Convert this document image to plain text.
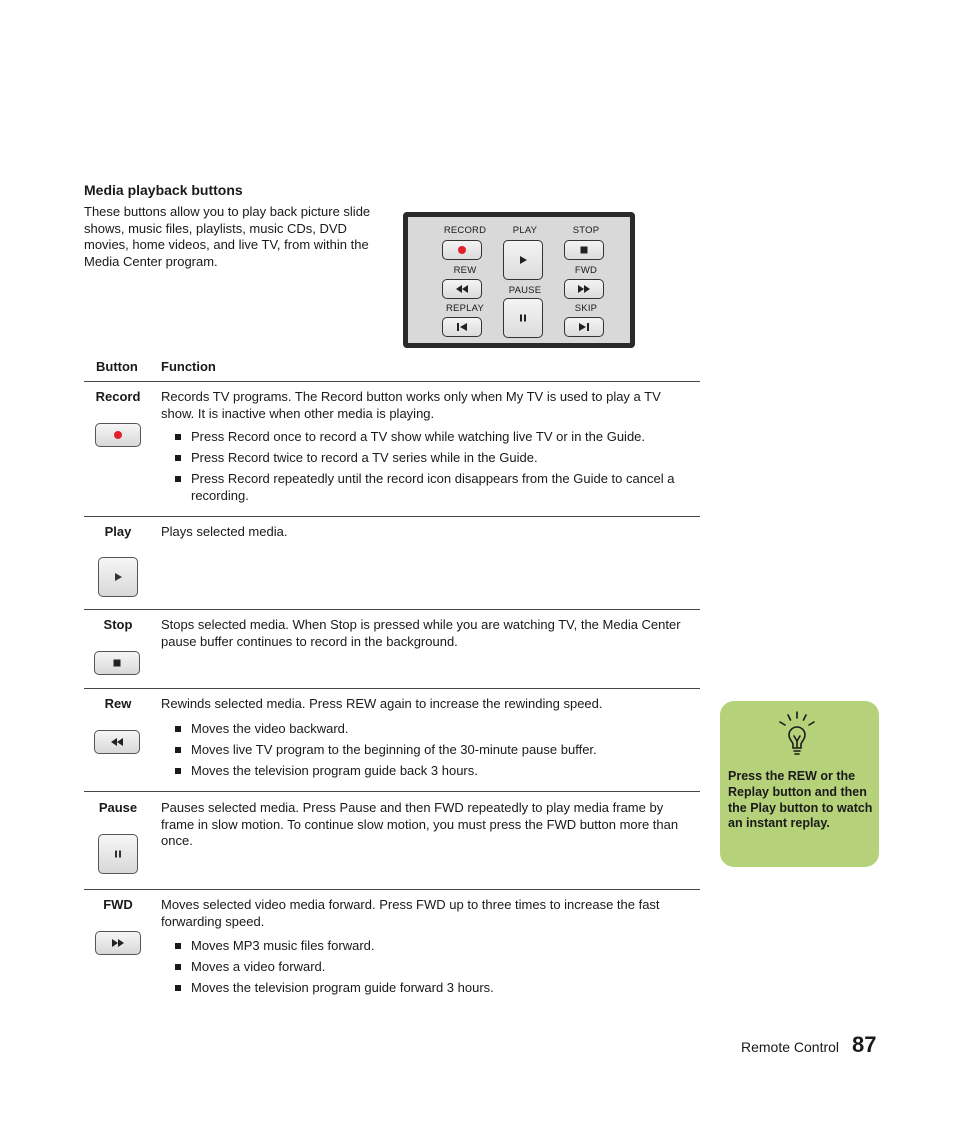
Media playback buttons
These buttons allow you to play back picture slide shows, music files, playlists, music CDs, DVD movies, home videos, and live TV, from within the Media Center program.
RECORD	PLAY	STOP
REW	FWD
PAUSE
REPLAY	SKIP
Button Function
Record	Records TV programs. The Record button works only when My TV is used to play a TV show. It is inactive when other media is playing.
Press Record once to record a TV show while watching live TV or in the Guide.
Press Record twice to record a TV series while in the Guide.
Press Record repeatedly until the record icon disappears from the Guide to cancel a recording.
Play	Plays selected media.
Stop	Stops selected media. When Stop is pressed while you are watching TV, the Media Center pause buffer continues to record in the background.
Rew	Rewinds selected media. Press REW again to increase the rewinding speed.
Moves the video backward.
Moves live TV program to the beginning of the 30-minute pause buffer.
Moves the television program guide back 3 hours.
Pause	Pauses selected media. Press Pause and then FWD repeatedly to play media frame by frame in slow motion. To continue slow motion, you must press the FWD button more than once.
FWD	Moves selected video media forward. Press FWD up to three times to increase the fast forwarding speed.
Moves MP3 music files forward.
Moves a video forward.
Moves the television program guide forward 3 hours.
Press the REW or the Replay button and then the Play button to watch an instant replay.
Remote Control 87
